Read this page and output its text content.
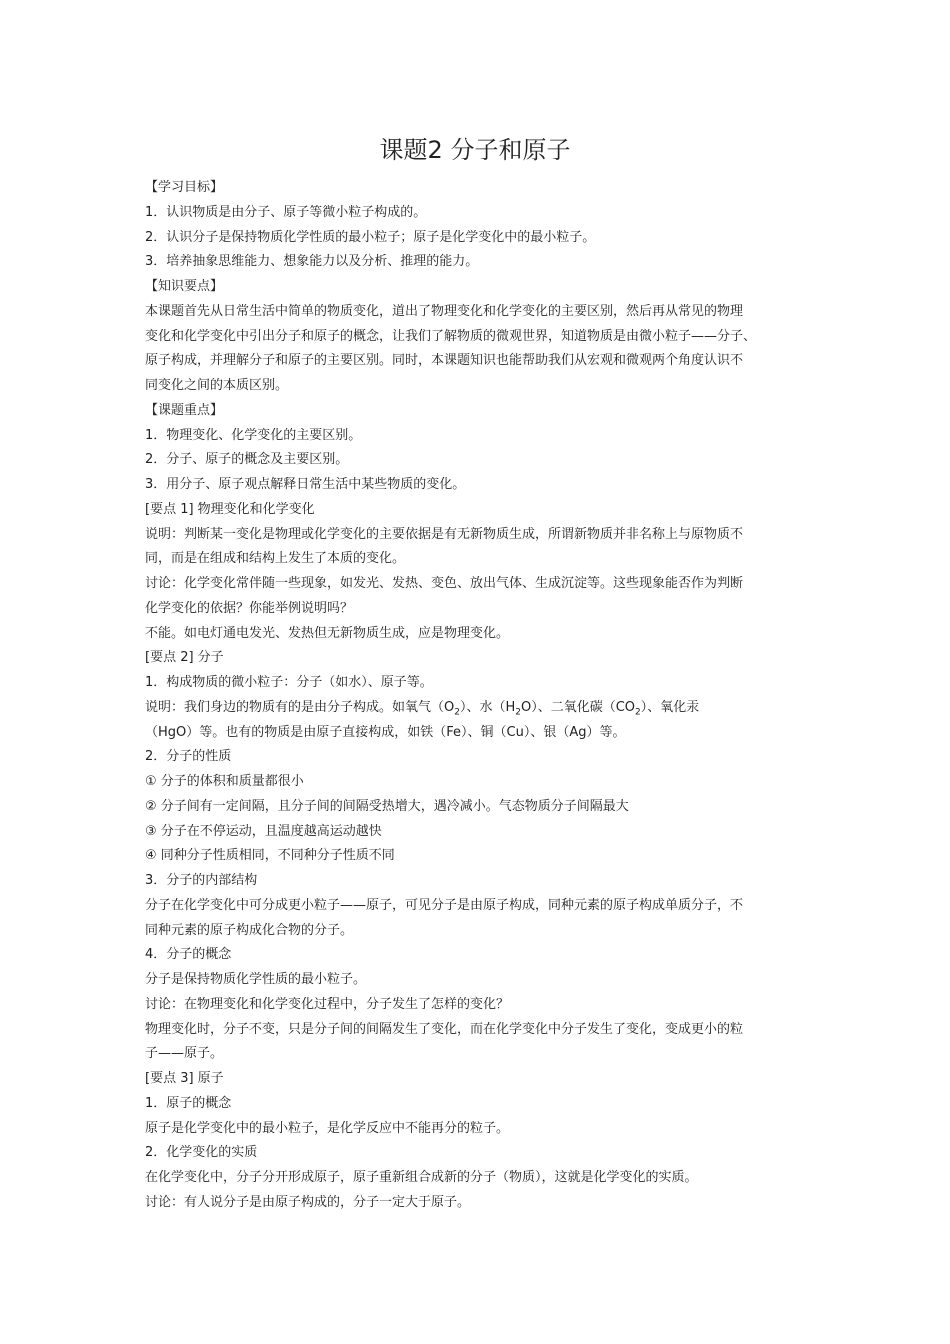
课题2 分子和原子
【学习目标】
1．认识物质是由分子、原子等微小粒子构成的。
2．认识分子是保持物质化学性质的最小粒子；原子是化学变化中的最小粒子。
3．培养抽象思维能力、想象能力以及分析、推理的能力。
【知识要点】
本课题首先从日常生活中简单的物质变化，道出了物理变化和化学变化的主要区别，然后再从常见的物理
变化和化学变化中引出分子和原子的概念，让我们了解物质的微观世界，知道物质是由微小粒子——分子、
原子构成，并理解分子和原子的主要区别。同时，本课题知识也能帮助我们从宏观和微观两个角度认识不
同变化之间的本质区别。
【课题重点】
1．物理变化、化学变化的主要区别。
2．分子、原子的概念及主要区别。
3．用分子、原子观点解释日常生活中某些物质的变化。
[要点 1] 物理变化和化学变化
说明：判断某一变化是物理或化学变化的主要依据是有无新物质生成，所谓新物质并非名称上与原物质不
同，而是在组成和结构上发生了本质的变化。
讨论：化学变化常伴随一些现象，如发光、发热、变色、放出气体、生成沉淀等。这些现象能否作为判断
化学变化的依据？你能举例说明吗？
不能。如电灯通电发光、发热但无新物质生成，应是物理变化。
[要点 2] 分子
1．构成物质的微小粒子：分子（如水）、原子等。
说明：我们身边的物质有的是由分子构成。如氧气$(O_2)$、水$(H_2O)$、二氧化碳$(CO_2)$、氧化汞
（HgO）等。也有的物质是由原子直接构成，如铁（Fe）、铜（Cu）、银（Ag）等。
2．分子的性质
① 分子的体积和质量都很小
② 分子间有一定间隔，且分子间的间隔受热增大，遇冷减小。气态物质分子间隔最大
③ 分子在不停运动，且温度越高运动越快
④ 同种分子性质相同，不同种分子性质不同
3．分子的内部结构
分子在化学变化中可分成更小粒子——原子，可见分子是由原子构成，同种元素的原子构成单质分子，不
同种元素的原子构成化合物的分子。
4．分子的概念
分子是保持物质化学性质的最小粒子。
讨论：在物理变化和化学变化过程中，分子发生了怎样的变化？
物理变化时，分子不变，只是分子间的间隔发生了变化，而在化学变化中分子发生了变化，变成更小的粒
子——原子。
[要点 3] 原子
1．原子的概念
原子是化学变化中的最小粒子，是化学反应中不能再分的粒子。
2．化学变化的实质
在化学变化中，分子分开形成原子，原子重新组合成新的分子（物质），这就是化学变化的实质。
讨论：有人说分子是由原子构成的，分子一定大于原子。
